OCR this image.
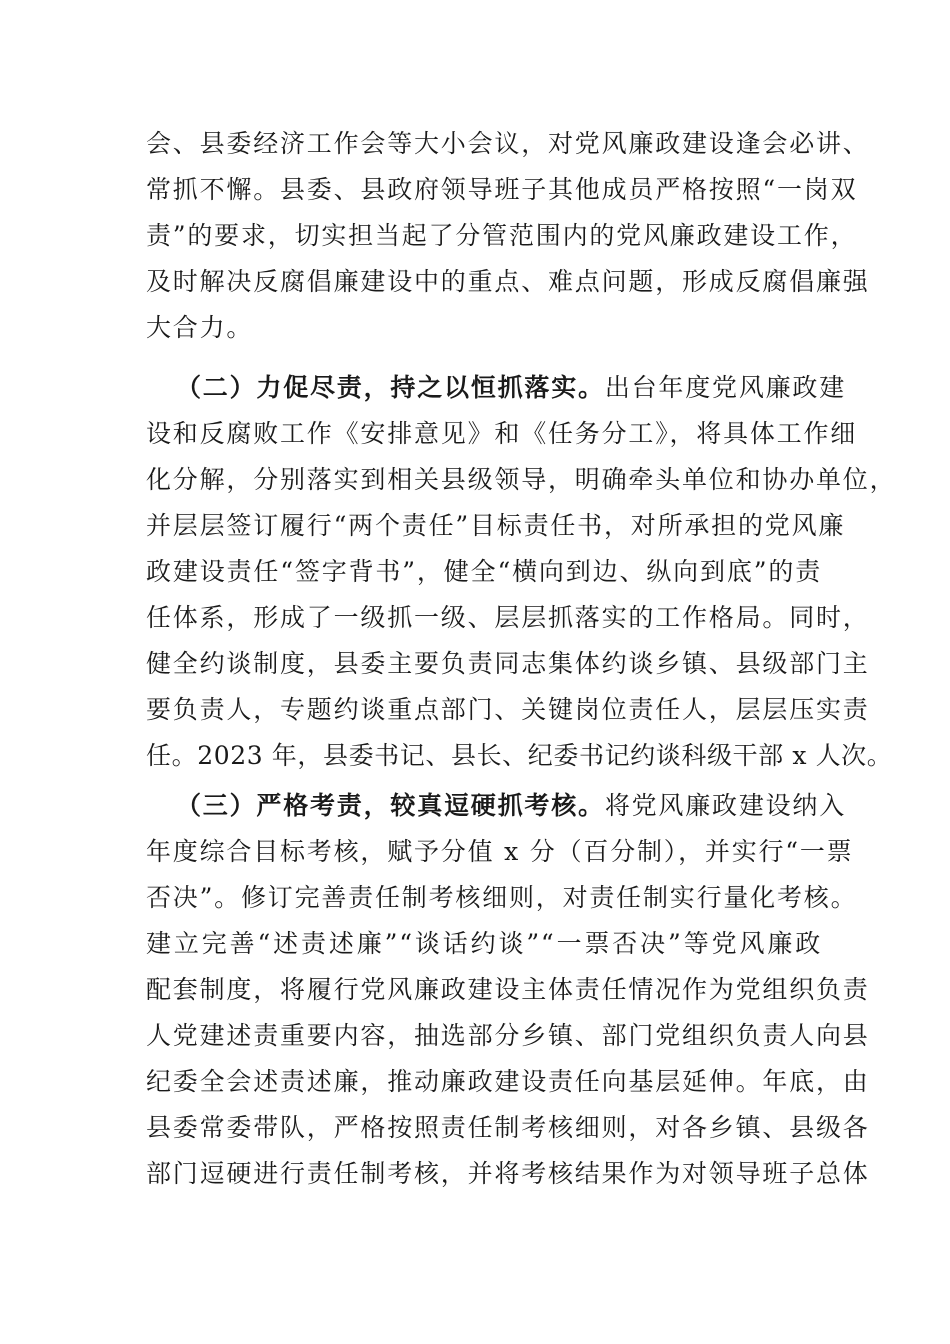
会、县委经济工作会等大小会议，对党风廉政建设逢会必讲、
常抓不懈。县委、县政府领导班子其他成员严格按照“一岗双
责”的要求，切实担当起了分管范围内的党风廉政建设工作，
及时解决反腐倡廉建设中的重点、难点问题，形成反腐倡廉强
大合力。
（二）力促尽责，持之以恒抓落实。出台年度党风廉政建
设和反腐败工作《安排意见》和《任务分工》，将具体工作细
化分解，分别落实到相关县级领导，明确牵头单位和协办单位，
并层层签订履行“两个责任”目标责任书，对所承担的党风廉
政建设责任“签字背书”，健全“横向到边、纵向到底”的责
任体系，形成了一级抓一级、层层抓落实的工作格局。同时，
健全约谈制度，县委主要负责同志集体约谈乡镇、县级部门主
要负责人，专题约谈重点部门、关键岗位责任人，层层压实责
任。2023 年，县委书记、县长、纪委书记约谈科级干部 x 人次。
（三）严格考责，较真逗硬抓考核。将党风廉政建设纳入
年度综合目标考核，赋予分值 x 分（百分制），并实行“一票
否决”。修订完善责任制考核细则，对责任制实行量化考核。
建立完善“述责述廉”“谈话约谈”“一票否决”等党风廉政
配套制度，将履行党风廉政建设主体责任情况作为党组织负责
人党建述责重要内容，抽选部分乡镇、部门党组织负责人向县
纪委全会述责述廉，推动廉政建设责任向基层延伸。年底，由
县委常委带队，严格按照责任制考核细则，对各乡镇、县级各
部门逗硬进行责任制考核，并将考核结果作为对领导班子总体
